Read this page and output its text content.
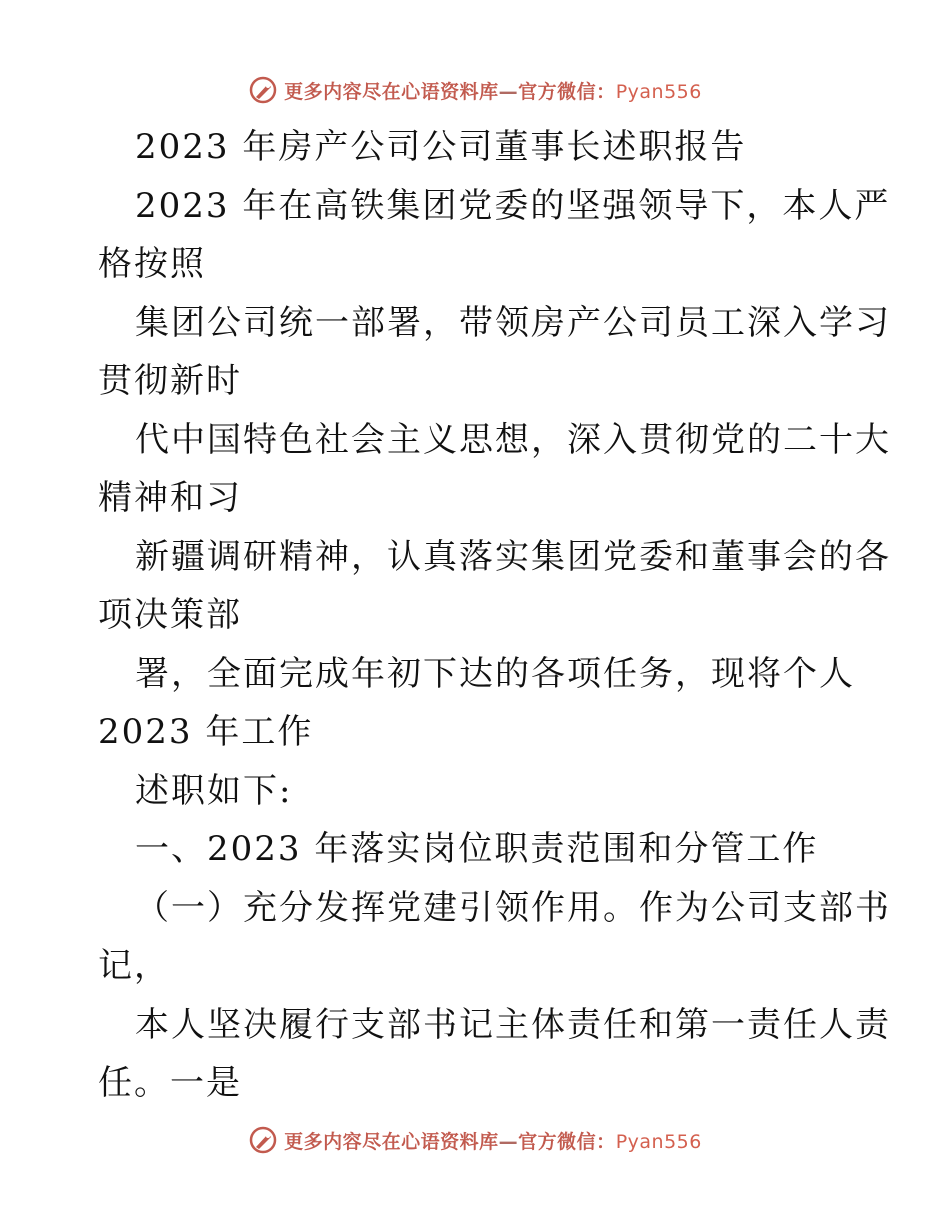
更多内容尽在心语资料库—官方微信：Pyan556
2023 年房产公司公司董事长述职报告
2023 年在高铁集团党委的坚强领导下，本人严
格按照
集团公司统一部署，带领房产公司员工深入学习
贯彻新时
代中国特色社会主义思想，深入贯彻党的二十大
精神和习
新疆调研精神，认真落实集团党委和董事会的各
项决策部
署，全面完成年初下达的各项任务，现将个人
2023 年工作
述职如下:
一、2023 年落实岗位职责范围和分管工作
（一）充分发挥党建引领作用。作为公司支部书
记，
本人坚决履行支部书记主体责任和第一责任人责
任。一是
更多内容尽在心语资料库—官方微信：Pyan556
